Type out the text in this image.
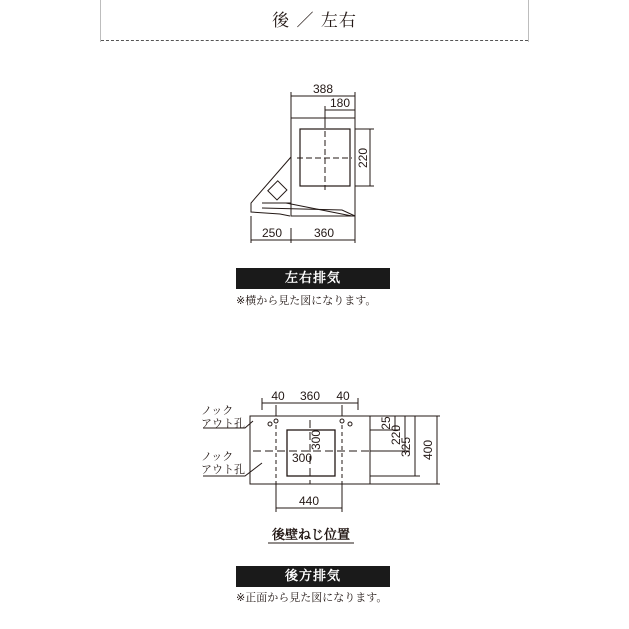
後 ／ 左右
388
180
220
250	360
40 360 40
25
220
325 400
300
300
440
ノック
アウト孔
ノック
アウト孔
後壁ねじ位置
左右排気
※横から見た図になります。
後方排気
※正面から見た図になります。
